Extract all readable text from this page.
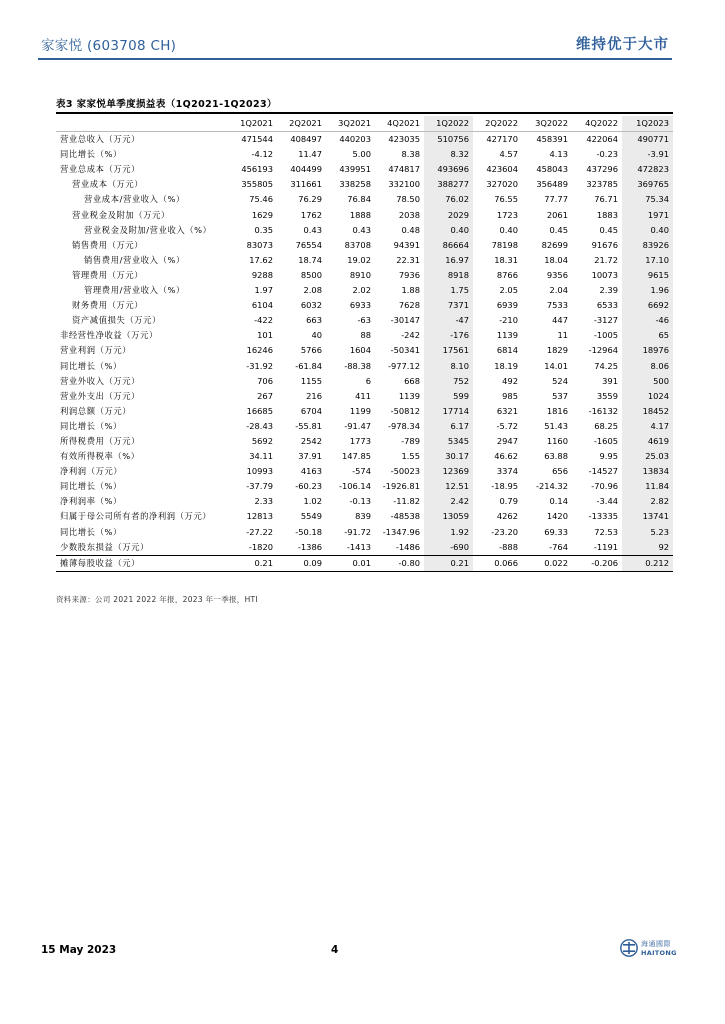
家家悦 (603708 CH)	维持优于大市
表3 家家悦单季度损益表（1Q2021-1Q2023）
	1Q2021	2Q2021	3Q2021	4Q2021	1Q2022	2Q2022	3Q2022	4Q2022	1Q2023
营业总收入（万元）	471544	408497	440203	423035	510756	427170	458391	422064	490771
同比增长（%）	-4.12	11.47	5.00	8.38	8.32	4.57	4.13	-0.23	-3.91
营业总成本（万元）	456193	404499	439951	474817	493696	423604	458043	437296	472823
营业成本（万元）	355805	311661	338258	332100	388277	327020	356489	323785	369765
营业成本/营业收入（%）	75.46	76.29	76.84	78.50	76.02	76.55	77.77	76.71	75.34
营业税金及附加（万元）	1629	1762	1888	2038	2029	1723	2061	1883	1971
营业税金及附加/营业收入（%）	0.35	0.43	0.43	0.48	0.40	0.40	0.45	0.45	0.40
销售费用（万元）	83073	76554	83708	94391	86664	78198	82699	91676	83926
销售费用/营业收入（%）	17.62	18.74	19.02	22.31	16.97	18.31	18.04	21.72	17.10
管理费用（万元）	9288	8500	8910	7936	8918	8766	9356	10073	9615
管理费用/营业收入（%）	1.97	2.08	2.02	1.88	1.75	2.05	2.04	2.39	1.96
财务费用（万元）	6104	6032	6933	7628	7371	6939	7533	6533	6692
资产减值损失（万元）	-422	663	-63	-30147	-47	-210	447	-3127	-46
非经营性净收益（万元）	101	40	88	-242	-176	1139	11	-1005	65
营业利润（万元）	16246	5766	1604	-50341	17561	6814	1829	-12964	18976
同比增长（%）	-31.92	-61.84	-88.38	-977.12	8.10	18.19	14.01	74.25	8.06
营业外收入（万元）	706	1155	6	668	752	492	524	391	500
营业外支出（万元）	267	216	411	1139	599	985	537	3559	1024
利润总额（万元）	16685	6704	1199	-50812	17714	6321	1816	-16132	18452
同比增长（%）	-28.43	-55.81	-91.47	-978.34	6.17	-5.72	51.43	68.25	4.17
所得税费用（万元）	5692	2542	1773	-789	5345	2947	1160	-1605	4619
有效所得税率（%）	34.11	37.91	147.85	1.55	30.17	46.62	63.88	9.95	25.03
净利润（万元）	10993	4163	-574	-50023	12369	3374	656	-14527	13834
同比增长（%）	-37.79	-60.23	-106.14	-1926.81	12.51	-18.95	-214.32	-70.96	11.84
净利润率（%）	2.33	1.02	-0.13	-11.82	2.42	0.79	0.14	-3.44	2.82
归属于母公司所有者的净利润（万元）	12813	5549	839	-48538	13059	4262	1420	-13335	13741
同比增长（%）	-27.22	-50.18	-91.72	-1347.96	1.92	-23.20	69.33	72.53	5.23
少数股东损益（万元）	-1820	-1386	-1413	-1486	-690	-888	-764	-1191	92
摊薄每股收益（元）	0.21	0.09	0.01	-0.80	0.21	0.066	0.022	-0.206	0.212
资料来源：公司 2021 2022 年报，2023 年一季报，HTI
15 May 2023	4	海通國際
HAITONG
